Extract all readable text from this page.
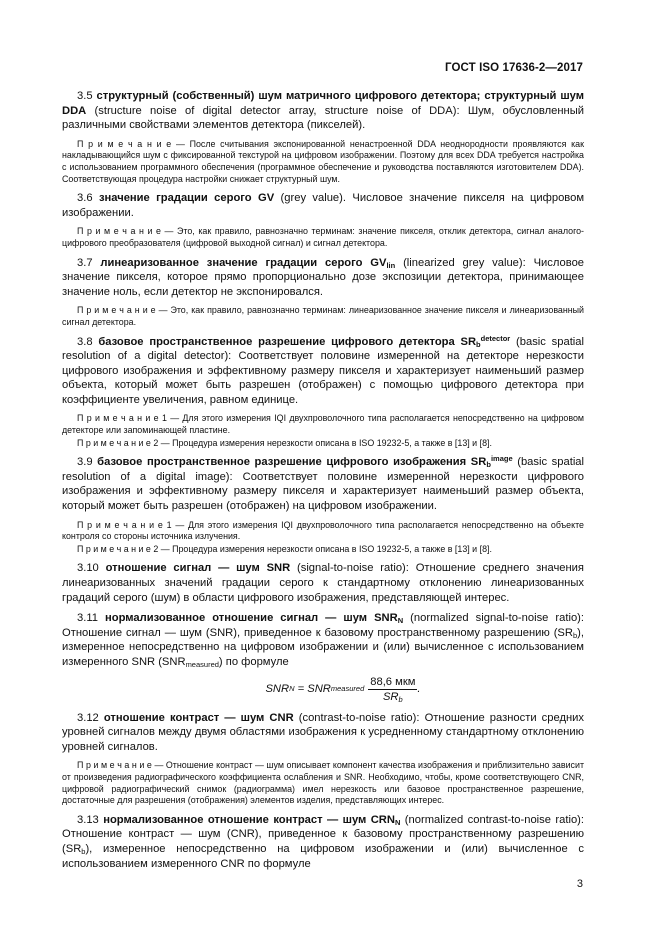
ГОСТ ISO 17636-2—2017

3.5 структурный (собственный) шум матричного цифрового детектора; структурный шум DDA (structure noise of digital detector array, structure noise of DDA): Шум, обусловленный различными свойствами элементов детектора (пикселей).

П р и м е ч а н и е — После считывания экспонированной ненастроенной DDA неоднородности проявляются как накладывающийся шум с фиксированной текстурой на цифровом изображении. Поэтому для всех DDA требуется настройка с использованием программного обеспечения (программное обеспечение и руководства поставляются изготовителем DDA). Соответствующая процедура настройки снижает структурный шум.

3.6 значение градации серого GV (grey value). Числовое значение пикселя на цифровом изображении.

П р и м е ч а н и е — Это, как правило, равнозначно терминам: значение пикселя, отклик детектора, сигнал аналого-цифрового преобразователя (цифровой выходной сигнал) и сигнал детектора.

3.7 линеаризованное значение градации серого $GV_{lin}$ (linearized grey value): Числовое значение пикселя, которое прямо пропорционально дозе экспозиции детектора, принимающее значение ноль, если детектор не экспонировался.

П р и м е ч а н и е — Это, как правило, равнозначно терминам: линеаризованное значение пикселя и линеаризованный сигнал детектора.

3.8 базовое пространственное разрешение цифрового детектора $SR_b^{detector}$ (basic spatial resolution of a digital detector): Соответствует половине измеренной на детекторе нерезкости цифрового изображения и эффективному размеру пикселя и характеризует наименьший размер объекта, который может быть разрешен (отображен) с помощью цифрового детектора при коэффициенте увеличения, равном единице.

П р и м е ч а н и е 1 — Для этого измерения IQI двухпроволочного типа располагается непосредственно на цифровом детекторе или запоминающей пластине.

П р и м е ч а н и е 2 — Процедура измерения нерезкости описана в ISO 19232-5, а также в [13] и [8].

3.9 базовое пространственное разрешение цифрового изображения $SR_b^{image}$ (basic spatial resolution of a digital image): Соответствует половине измеренной нерезкости цифрового изображения и эффективному размеру пикселя и характеризует наименьший размер объекта, который может быть разрешен (отображен) на цифровом изображении.

П р и м е ч а н и е 1 — Для этого измерения IQI двухпроволочного типа располагается непосредственно на объекте контроля со стороны источника излучения.

П р и м е ч а н и е 2 — Процедура измерения нерезкости описана в ISO 19232-5, а также в [13] и [8].

3.10 отношение сигнал — шум SNR (signal-to-noise ratio): Отношение среднего значения линеаризованных значений градации серого к стандартному отклонению линеаризованных градаций серого (шум) в области цифрового изображения, представляющей интерес.

3.11 нормализованное отношение сигнал — шум $SNR_N$ (normalized signal-to-noise ratio): Отношение сигнал — шум (SNR), приведенное к базовому пространственному разрешению $(SR_b)$, измеренное непосредственно на цифровом изображении и (или) вычисленное с использованием измеренного SNR $(SNR_{measured})$ по формуле

SNR N = SNR measured $\frac{\text{88,6 мкм}}{SR_b}$ .

3.12 отношение контраст — шум CNR (contrast-to-noise ratio): Отношение разности средних уровней сигналов между двумя областями изображения к усредненному стандартному отклонению уровней сигналов.

П р и м е ч а н и е — Отношение контраст — шум описывает компонент качества изображения и приблизительно зависит от произведения радиографического коэффициента ослабления и SNR. Необходимо, чтобы, кроме соответствующего CNR, цифровой радиографический снимок (радиограмма) имел нерезкость или базовое пространственное разрешение, достаточные для разрешения (отображения) элементов изделия, представляющих интерес.

3.13 нормализованное отношение контраст — шум $CRN_N$ (normalized contrast-to-noise ratio): Отношение контраст — шум (CNR), приведенное к базовому пространственному разрешению $(SR_b)$, измеренное непосредственно на цифровом изображении и (или) вычисленное с использованием измеренного CNR по формуле

3
